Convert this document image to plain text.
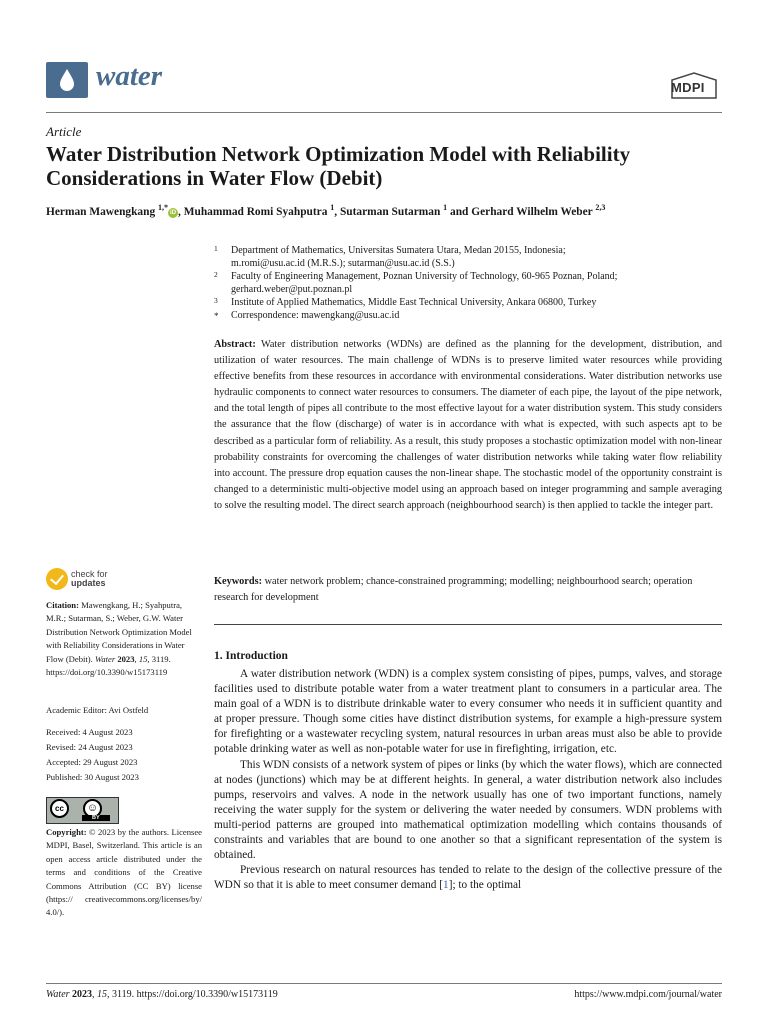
water	MDPI
Article
Water Distribution Network Optimization Model with Reliability Considerations in Water Flow (Debit)
Herman Mawengkang $^{1,*}$iD , Muhammad Romi Syahputra $^1$, Sutarman Sutarman $^1$ and Gerhard Wilhelm Weber $^{2,3}$
1 Department of Mathematics, Universitas Sumatera Utara, Medan 20155, Indonesia;
m.romi@usu.ac.id (M.R.S.); sutarman@usu.ac.id (S.S.)
2 Faculty of Engineering Management, Poznan University of Technology, 60-965 Poznan, Poland;
gerhard.weber@put.poznan.pl
3 Institute of Applied Mathematics, Middle East Technical University, Ankara 06800, Turkey
* Correspondence: mawengkang@usu.ac.id
Abstract: Water distribution networks (WDNs) are defined as the planning for the development, distribution, and utilization of water resources. The main challenge of WDNs is to preserve limited water resources while providing effective benefits from these resources in accordance with environmental considerations. Water distribution networks use hydraulic components to connect water resources to consumers. The diameter of each pipe, the layout of the pipe network, and the total length of pipes all contribute to the most effective layout for a water distribution system. This study considers the assurance that the flow (discharge) of water is in accordance with what is expected, with such aspects apt to be described as a particular form of reliability. As a result, this study proposes a stochastic optimization model with non-linear probability constraints for overcoming the challenges of water distribution networks while taking water flow reliability into account. The pressure drop equation causes the non-linear shape. The stochastic model of the opportunity constraint is changed to a deterministic multi-objective model using an approach based on integer programming and sample averaging to solve the resulting model. The direct search approach (neighbourhood search) is then applied to tackle the integer part.
Keywords: water network problem; chance-constrained programming; modelling; neighbourhood search; operation research for development
1. Introduction

A water distribution network (WDN) is a complex system consisting of pipes, pumps, valves, and storage facilities used to distribute potable water from a water treatment plant to consumers in a particular area. The main goal of a WDN is to distribute drinkable water to every consumer who needs it in sufficient quantity and at proper pressure. Though some cities have distinct distribution systems, for example a high-pressure system for firefighting or a wastewater recycling system, natural resources in urban areas must also be able to provide potable drinking water as well as non-potable water for use in firefighting, irrigation, etc.

This WDN consists of a network system of pipes or links (by which the water flows), which are connected at nodes (junctions) which may be at different heights. In general, a water distribution network also includes pumps, reservoirs and valves. A node in the network usually has one of two important functions, namely receiving the water supply for the system or delivering the water needed by consumers. WDN problems with multi-period patterns are grouped into mathematical optimization modelling which contains thousands of constraints and variables that are bound to one another so that a significant representation of the system is obtained.

Previous research on natural resources has tended to relate to the design of the collective pressure of the WDN so that it is able to meet consumer demand [1]; to the optimal

check for
updates
Citation: Mawengkang, H.; Syahputra, M.R.; Sutarman, S.; Weber, G.W. Water Distribution Network Optimization Model with Reliability Considerations in Water Flow (Debit). Water 2023, 15, 3119. https://doi.org/10.3390/w15173119
Academic Editor: Avi Ostfeld
Received: 4 August 2023
Revised: 24 August 2023
Accepted: 29 August 2023
Published: 30 August 2023
cc	☺
BY
Copyright: © 2023 by the authors. Licensee MDPI, Basel, Switzerland. This article is an open access article distributed under the terms and conditions of the Creative Commons Attribution (CC BY) license (https:// creativecommons.org/licenses/by/ 4.0/).
Water 2023, 15, 3119. https://doi.org/10.3390/w15173119	https://www.mdpi.com/journal/water
